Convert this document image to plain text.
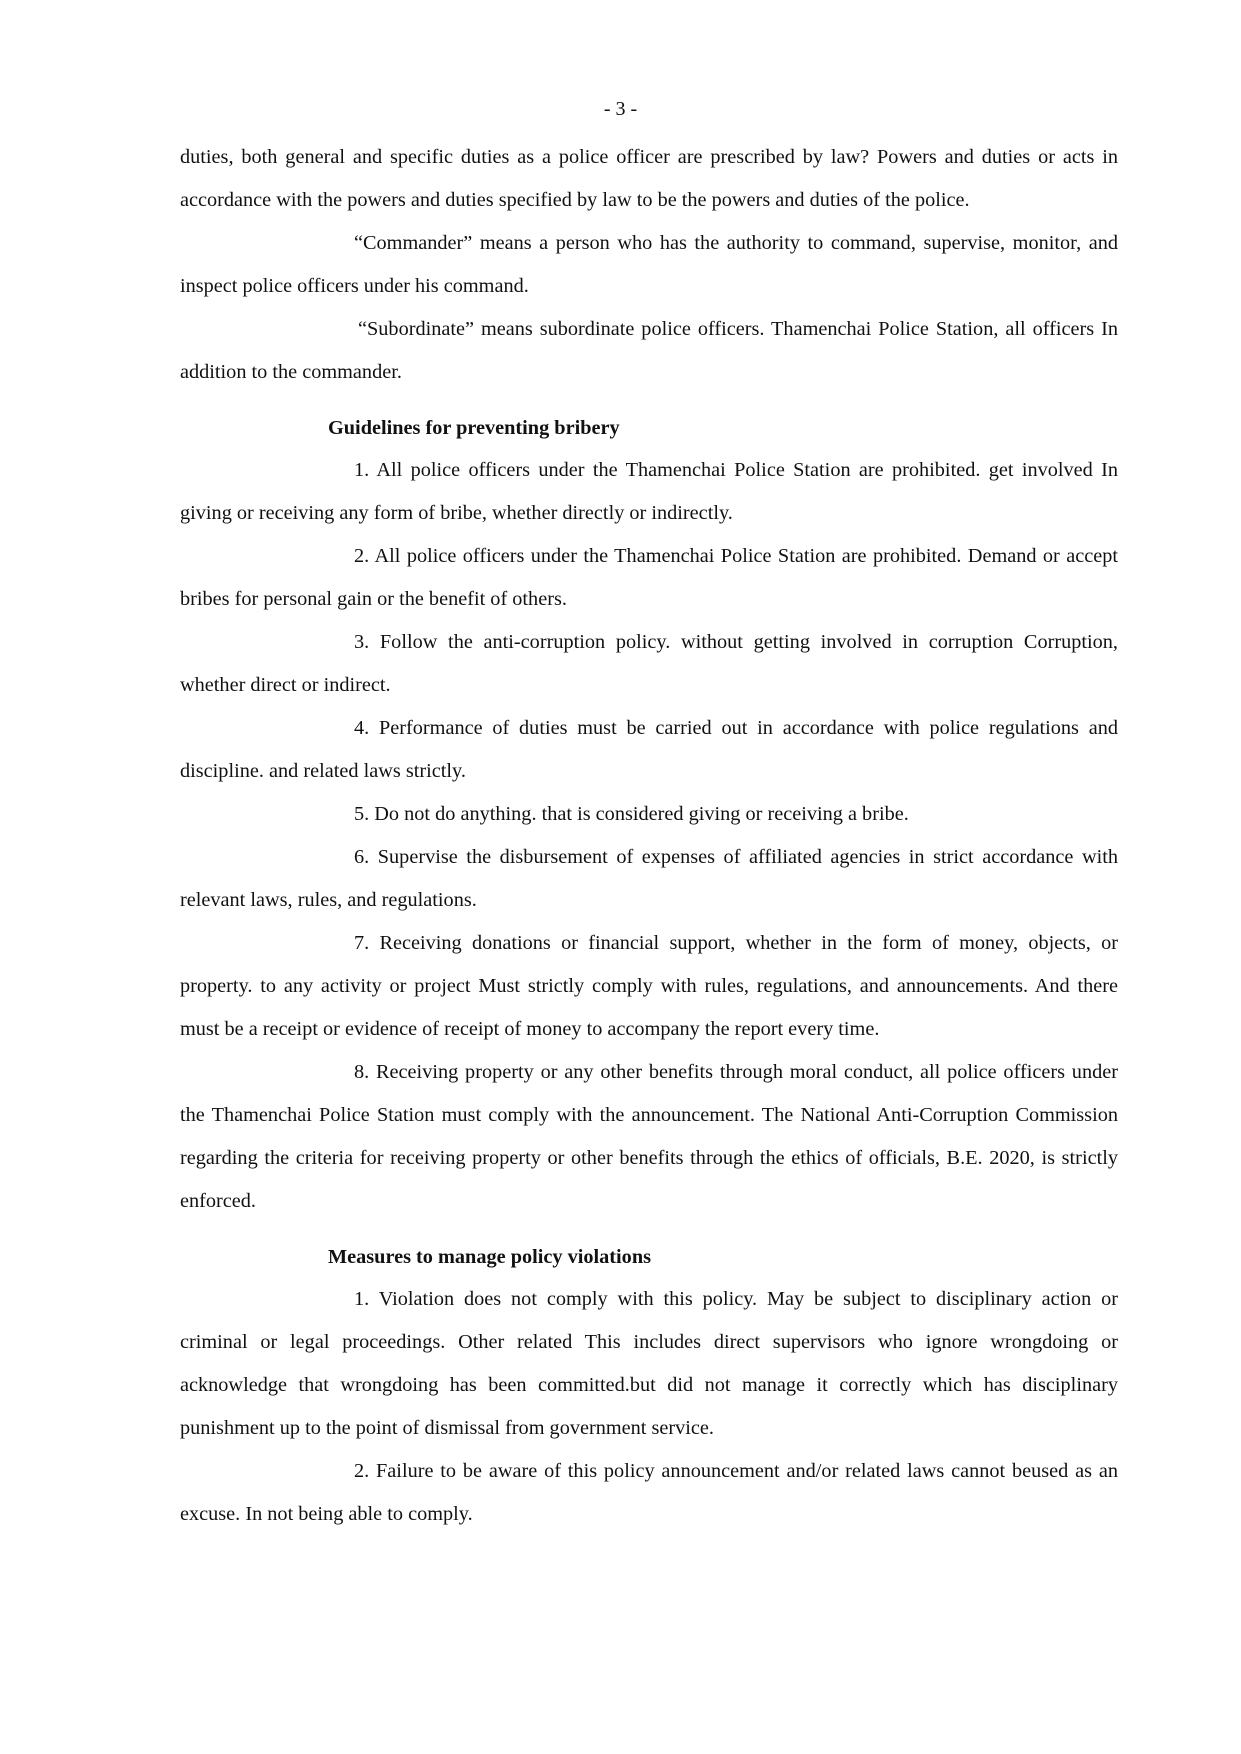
- 3 -

duties, both general and specific duties as a police officer are prescribed by law? Powers and duties or acts in accordance with the powers and duties specified by law to be the powers and duties of the police.

“Commander” means a person who has the authority to command, supervise, monitor, and inspect police officers under his command.

“Subordinate” means subordinate police officers. Thamenchai Police Station, all officers In addition to the commander.

Guidelines for preventing bribery

1. All police officers under the Thamenchai Police Station are prohibited. get involved In giving or receiving any form of bribe, whether directly or indirectly.

2. All police officers under the Thamenchai Police Station are prohibited. Demand or accept bribes for personal gain or the benefit of others.

3. Follow the anti-corruption policy. without getting involved in corruption Corruption, whether direct or indirect.

4. Performance of duties must be carried out in accordance with police regulations and discipline. and related laws strictly.

5. Do not do anything. that is considered giving or receiving a bribe.

6. Supervise the disbursement of expenses of affiliated agencies in strict accordance with relevant laws, rules, and regulations.

7. Receiving donations or financial support, whether in the form of money, objects, or property. to any activity or project Must strictly comply with rules, regulations, and announcements. And there must be a receipt or evidence of receipt of money to accompany the report every time.

8. Receiving property or any other benefits through moral conduct, all police officers under the Thamenchai Police Station must comply with the announcement. The National Anti-Corruption Commission regarding the criteria for receiving property or other benefits through the ethics of officials, B.E. 2020, is strictly enforced.

Measures to manage policy violations

1. Violation does not comply with this policy. May be subject to disciplinary action or criminal or legal proceedings. Other related This includes direct supervisors who ignore wrongdoing or acknowledge that wrongdoing has been committed.but did not manage it correctly which has disciplinary punishment up to the point of dismissal from government service.

2. Failure to be aware of this policy announcement and/or related laws cannot beused as an excuse. In not being able to comply.
